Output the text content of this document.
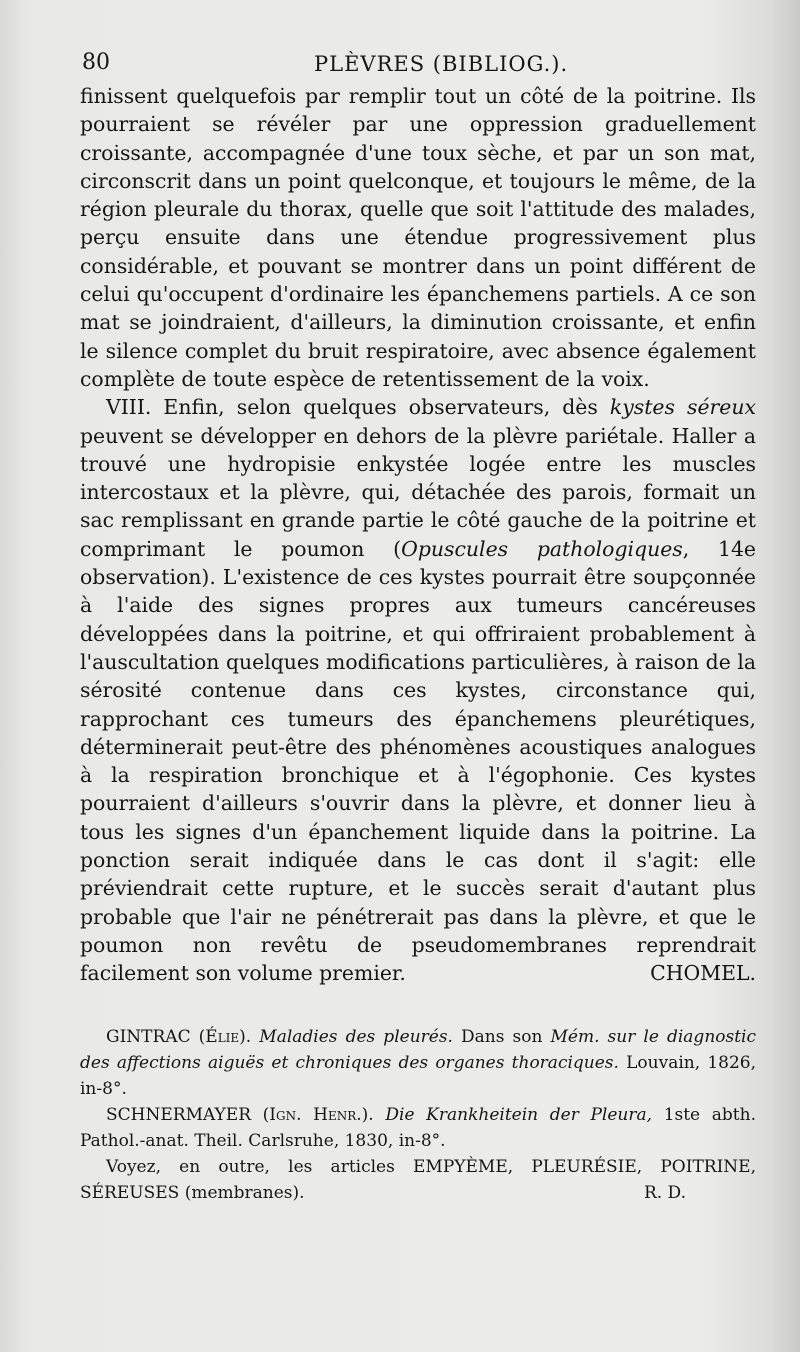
80	PLÈVRES (BIBLIOG.).

finissent quelquefois par remplir tout un côté de la poitrine. Ils pourraient se révéler par une oppression graduellement croissante, accompagnée d'une toux sèche, et par un son mat, circonscrit dans un point quelconque, et toujours le même, de la région pleurale du thorax, quelle que soit l'attitude des malades, perçu ensuite dans une étendue progressivement plus considérable, et pouvant se montrer dans un point différent de celui qu'occupent d'ordinaire les épanchemens partiels. A ce son mat se joindraient, d'ailleurs, la diminution croissante, et enfin le silence complet du bruit respiratoire, avec absence également complète de toute espèce de retentissement de la voix.

VIII. Enfin, selon quelques observateurs, dès kystes séreux peuvent se développer en dehors de la plèvre pariétale. Haller a trouvé une hydropisie enkystée logée entre les muscles intercostaux et la plèvre, qui, détachée des parois, formait un sac remplissant en grande partie le côté gauche de la poitrine et comprimant le poumon (Opuscules pathologiques, 14e observation). L'existence de ces kystes pourrait être soupçonnée à l'aide des signes propres aux tumeurs cancéreuses développées dans la poitrine, et qui offriraient probablement à l'auscultation quelques modifications particulières, à raison de la sérosité contenue dans ces kystes, circonstance qui, rapprochant ces tumeurs des épanchemens pleurétiques, déterminerait peut-être des phénomènes acoustiques analogues à la respiration bronchique et à l'égophonie. Ces kystes pourraient d'ailleurs s'ouvrir dans la plèvre, et donner lieu à tous les signes d'un épanchement liquide dans la poitrine. La ponction serait indiquée dans le cas dont il s'agit: elle préviendrait cette rupture, et le succès serait d'autant plus probable que l'air ne pénétrerait pas dans la plèvre, et que le poumon non revêtu de pseudomembranes reprendrait facilement son volume premier.	CHOMEL.

GINTRAC (Élie). Maladies des pleurés. Dans son Mém. sur le diagnostic des affections aiguës et chroniques des organes thoraciques. Louvain, 1826, in-8°.

SCHNERMAYER (Ign. Henr.). Die Krankheitein der Pleura, 1ste abth. Pathol.-anat. Theil. Carlsruhe, 1830, in-8°.

Voyez, en outre, les articles EMPYÈME, PLEURÉSIE, POITRINE, SÉREUSES (membranes).	R. D.
